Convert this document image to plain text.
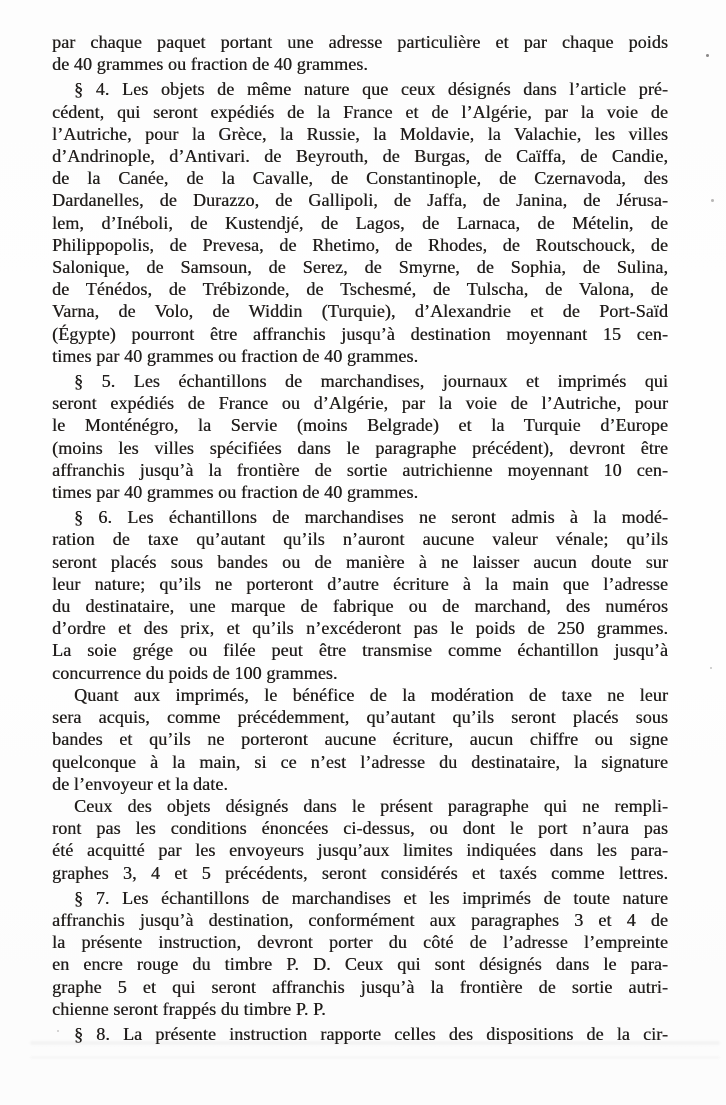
par chaque paquet portant une adresse particulière et par chaque poids
de 40 grammes ou fraction de 40 grammes.
§ 4. Les objets de même nature que ceux désignés dans l’article pré-
cédent, qui seront expédiés de la France et de l’Algérie, par la voie de
l’Autriche, pour la Grèce, la Russie, la Moldavie, la Valachie, les villes
d’Andrinople, d’Antivari. de Beyrouth, de Burgas, de Caïffa, de Candie,
de la Canée, de la Cavalle, de Constantinople, de Czernavoda, des
Dardanelles, de Durazzo, de Gallipoli, de Jaffa, de Janina, de Jérusa-
lem, d’Inéboli, de Kustendjé, de Lagos, de Larnaca, de Mételin, de
Philippopolis, de Prevesa, de Rhetimo, de Rhodes, de Routschouck, de
Salonique, de Samsoun, de Serez, de Smyrne, de Sophia, de Sulina,
de Ténédos, de Trébizonde, de Tschesmé, de Tulscha, de Valona, de
Varna, de Volo, de Widdin (Turquie), d’Alexandrie et de Port-Saïd
(Égypte) pourront être affranchis jusqu’à destination moyennant 15 cen-
times par 40 grammes ou fraction de 40 grammes.
§ 5. Les échantillons de marchandises, journaux et imprimés qui
seront expédiés de France ou d’Algérie, par la voie de l’Autriche, pour
le Monténégro, la Servie (moins Belgrade) et la Turquie d’Europe
(moins les villes spécifiées dans le paragraphe précédent), devront être
affranchis jusqu’à la frontière de sortie autrichienne moyennant 10 cen-
times par 40 grammes ou fraction de 40 grammes.
§ 6. Les échantillons de marchandises ne seront admis à la modé-
ration de taxe qu’autant qu’ils n’auront aucune valeur vénale; qu’ils
seront placés sous bandes ou de manière à ne laisser aucun doute sur
leur nature; qu’ils ne porteront d’autre écriture à la main que l’adresse
du destinataire, une marque de fabrique ou de marchand, des numéros
d’ordre et des prix, et qu’ils n’excéderont pas le poids de 250 grammes.
La soie grége ou filée peut être transmise comme échantillon jusqu’à
concurrence du poids de 100 grammes.
Quant aux imprimés, le bénéfice de la modération de taxe ne leur
sera acquis, comme précédemment, qu’autant qu’ils seront placés sous
bandes et qu’ils ne porteront aucune écriture, aucun chiffre ou signe
quelconque à la main, si ce n’est l’adresse du destinataire, la signature
de l’envoyeur et la date.
Ceux des objets désignés dans le présent paragraphe qui ne rempli-
ront pas les conditions énoncées ci-dessus, ou dont le port n’aura pas
été acquitté par les envoyeurs jusqu’aux limites indiquées dans les para-
graphes 3, 4 et 5 précédents, seront considérés et taxés comme lettres.
§ 7. Les échantillons de marchandises et les imprimés de toute nature
affranchis jusqu’à destination, conformément aux paragraphes 3 et 4 de
la présente instruction, devront porter du côté de l’adresse l’empreinte
en encre rouge du timbre P. D. Ceux qui sont désignés dans le para-
graphe 5 et qui seront affranchis jusqu’à la frontière de sortie autri-
chienne seront frappés du timbre P. P.
§ 8. La présente instruction rapporte celles des dispositions de la cir-
